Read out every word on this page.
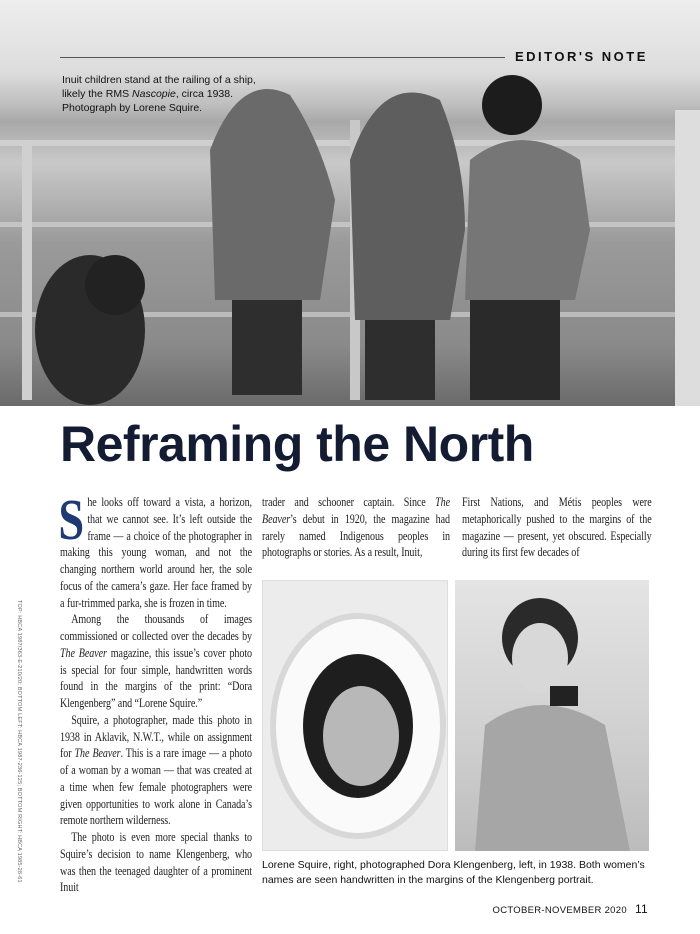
EDITOR'S NOTE
Inuit children stand at the railing of a ship, likely the RMS Nascopie, circa 1938. Photograph by Lorene Squire.
Reframing the North

She looks off toward a vista, a horizon, that we cannot see. It’s left outside the frame — a choice of the photographer in making this young woman, and not the changing northern world around her, the sole focus of the camera’s gaze. Her face framed by a fur-trimmed parka, she is frozen in time.

Among the thousands of images commissioned or collected over the decades by The Beaver magazine, this issue’s cover photo is special for four simple, handwritten words found in the margins of the print: “Dora Klengenberg” and “Lorene Squire.”

Squire, a photographer, made this photo in 1938 in Aklavik, N.W.T., while on assignment for The Beaver. This is a rare image — a photo of a woman by a woman — that was created at a time when few female photographers were given opportunities to work alone in Canada’s remote northern wilderness.

The photo is even more special thanks to Squire’s decision to name Klengenberg, who was then the teenaged daughter of a prominent Inuit

trader and schooner captain. Since The Beaver’s debut in 1920, the magazine had rarely named Indigenous peoples in photographs or stories. As a result, Inuit,

First Nations, and Métis peoples were metaphorically pushed to the margins of the magazine — present, yet obscured. Especially during its first few decades of

Lorene Squire, right, photographed Dora Klengenberg, left, in 1938. Both women’s names are seen handwritten in the margins of the Klengenberg portrait.
TOP: HBCA 1987/363-E-210/20; BOTTOM LEFT: HBCA 1987-236-125; BOTTOM RIGHT: HBCA 1985-28-61
OCTOBER-NOVEMBER 2020 11
